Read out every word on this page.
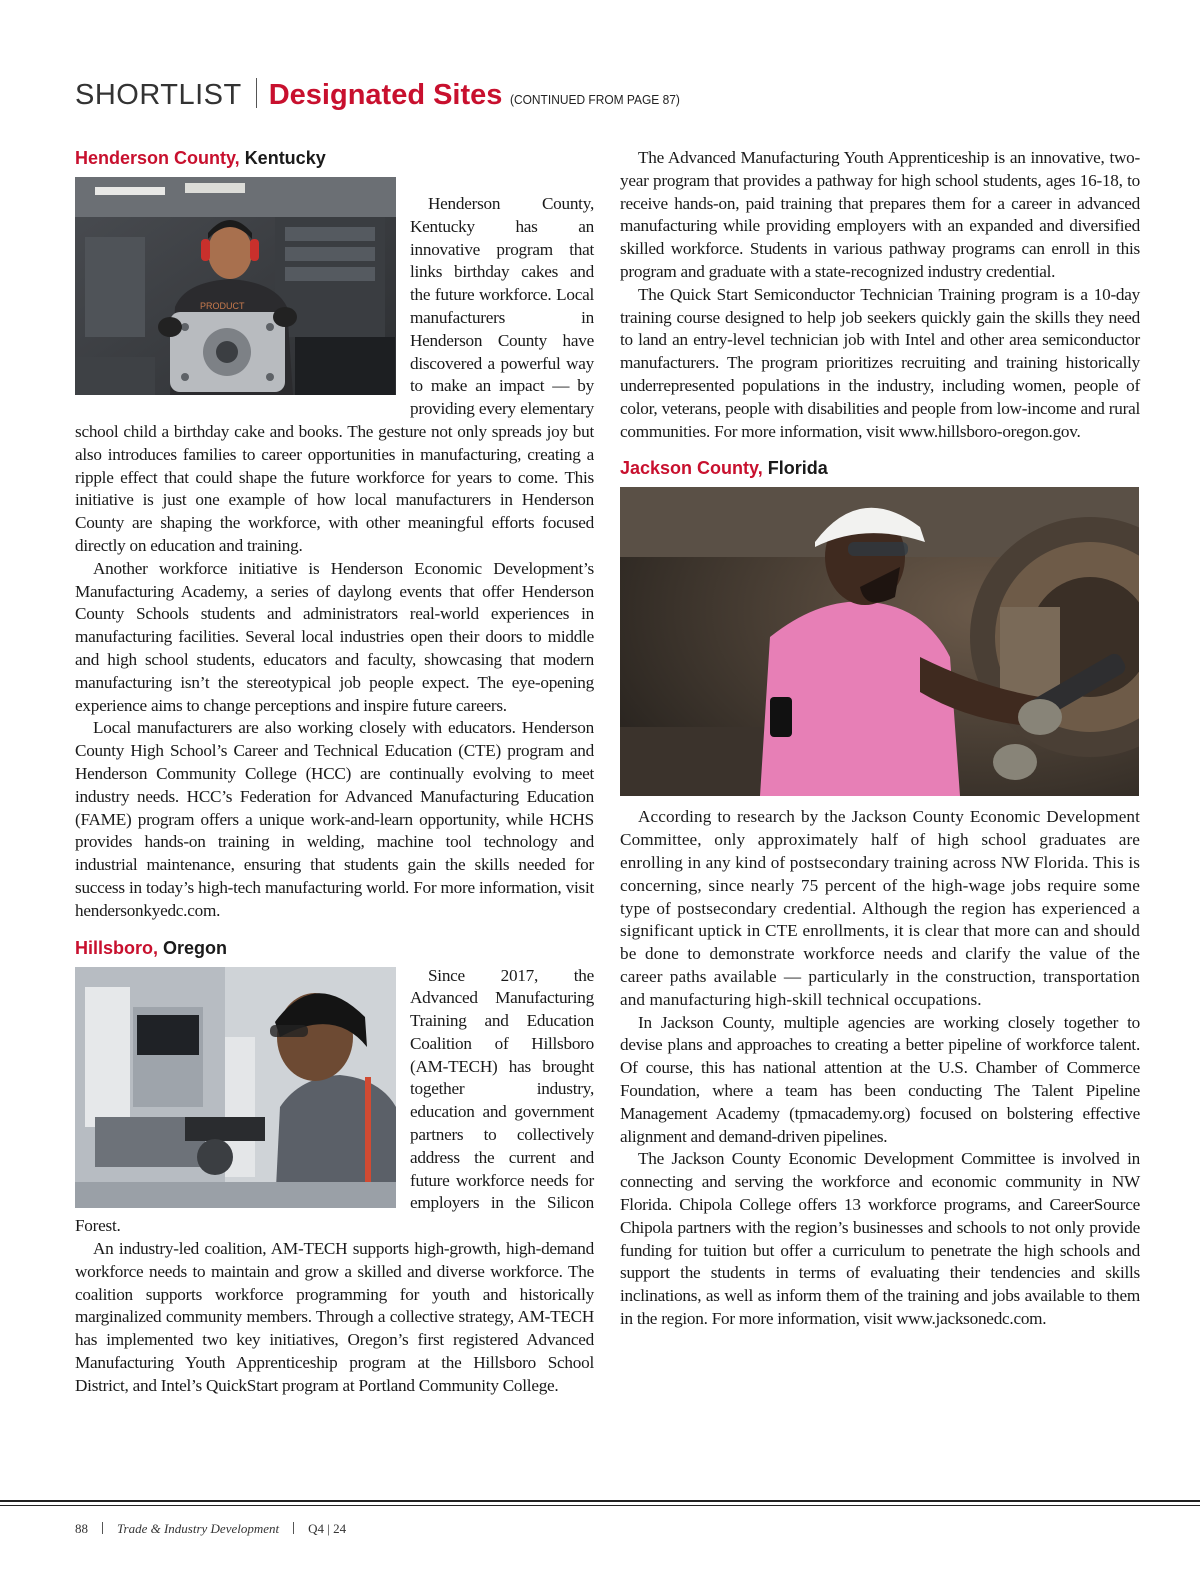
SHORTLIST Designated Sites (CONTINUED FROM PAGE 87)
Henderson County, Kentucky
PRODUCT

Henderson County, Kentucky has an innovative program that links birthday cakes and the future workforce. Local manufacturers in Henderson County have discovered a powerful way to make an impact — by providing every elementary school child a birthday cake and books. The gesture not only spreads joy but also introduces families to career opportunities in manufacturing, creating a ripple effect that could shape the future workforce for years to come. This initiative is just one example of how local manufacturers in Henderson County are shaping the workforce, with other meaningful efforts focused directly on education and training.

Another workforce initiative is Henderson Economic Development’s Manufacturing Academy, a series of daylong events that offer Henderson County Schools students and administrators real-world experiences in manufacturing facilities. Several local industries open their doors to middle and high school students, educators and faculty, showcasing that modern manufacturing isn’t the stereotypical job people expect. The eye-opening experience aims to change perceptions and inspire future careers.

Local manufacturers are also working closely with educators. Henderson County High School’s Career and Technical Education (CTE) program and Henderson Community College (HCC) are continually evolving to meet industry needs. HCC’s Federation for Advanced Manufacturing Education (FAME) program offers a unique work-and-learn opportunity, while HCHS provides hands-on training in welding, machine tool technology and industrial maintenance, ensuring that students gain the skills needed for success in today’s high-tech manufacturing world. For more information, visit hendersonkyedc.com.

Hillsboro, Oregon

Since 2017, the Advanced Manufacturing Training and Education Coalition of Hillsboro (AM-TECH) has brought together industry, education and government partners to collectively address the current and future workforce needs for employers in the Silicon Forest.

An industry-led coalition, AM-TECH supports high-growth, high-demand workforce needs to maintain and grow a skilled and diverse workforce. The coalition supports workforce programming for youth and historically marginalized community members. Through a collective strategy, AM-TECH has implemented two key initiatives, Oregon’s first registered Advanced Manufacturing Youth Apprenticeship program at the Hillsboro School District, and Intel’s QuickStart program at Portland Community College.

The Advanced Manufacturing Youth Apprenticeship is an innovative, two-year program that provides a pathway for high school students, ages 16-18, to receive hands-on, paid training that prepares them for a career in advanced manufacturing while providing employers with an expanded and diversified skilled workforce. Students in various pathway programs can enroll in this program and graduate with a state-recognized industry credential.

The Quick Start Semiconductor Technician Training program is a 10-day training course designed to help job seekers quickly gain the skills they need to land an entry-level technician job with Intel and other area semiconductor manufacturers. The program prioritizes recruiting and training historically underrepresented populations in the industry, including women, people of color, veterans, people with disabilities and people from low-income and rural communities. For more information, visit www.hillsboro-oregon.gov.

Jackson County, Florida

According to research by the Jackson County Economic Development Committee, only approximately half of high school graduates are enrolling in any kind of postsecondary training across NW Florida. This is concerning, since nearly 75 percent of the high-wage jobs require some type of postsecondary credential. Although the region has experienced a significant uptick in CTE enrollments, it is clear that more can and should be done to demonstrate workforce needs and clarify the value of the career paths available — particularly in the construction, transportation and manufacturing high-skill technical occupations.

In Jackson County, multiple agencies are working closely together to devise plans and approaches to creating a better pipeline of workforce talent. Of course, this has national attention at the U.S. Chamber of Commerce Foundation, where a team has been conducting The Talent Pipeline Management Academy (tpmacademy.org) focused on bolstering effective alignment and demand-driven pipelines.

The Jackson County Economic Development Committee is involved in connecting and serving the workforce and economic community in NW Florida. Chipola College offers 13 workforce programs, and CareerSource Chipola partners with the region’s businesses and schools to not only provide funding for tuition but offer a curriculum to penetrate the high schools and support the students in terms of evaluating their tendencies and skills inclinations, as well as inform them of the training and jobs available to them in the region. For more information, visit www.jacksonedc.com.

88 Trade & Industry Development Q4 | 24
